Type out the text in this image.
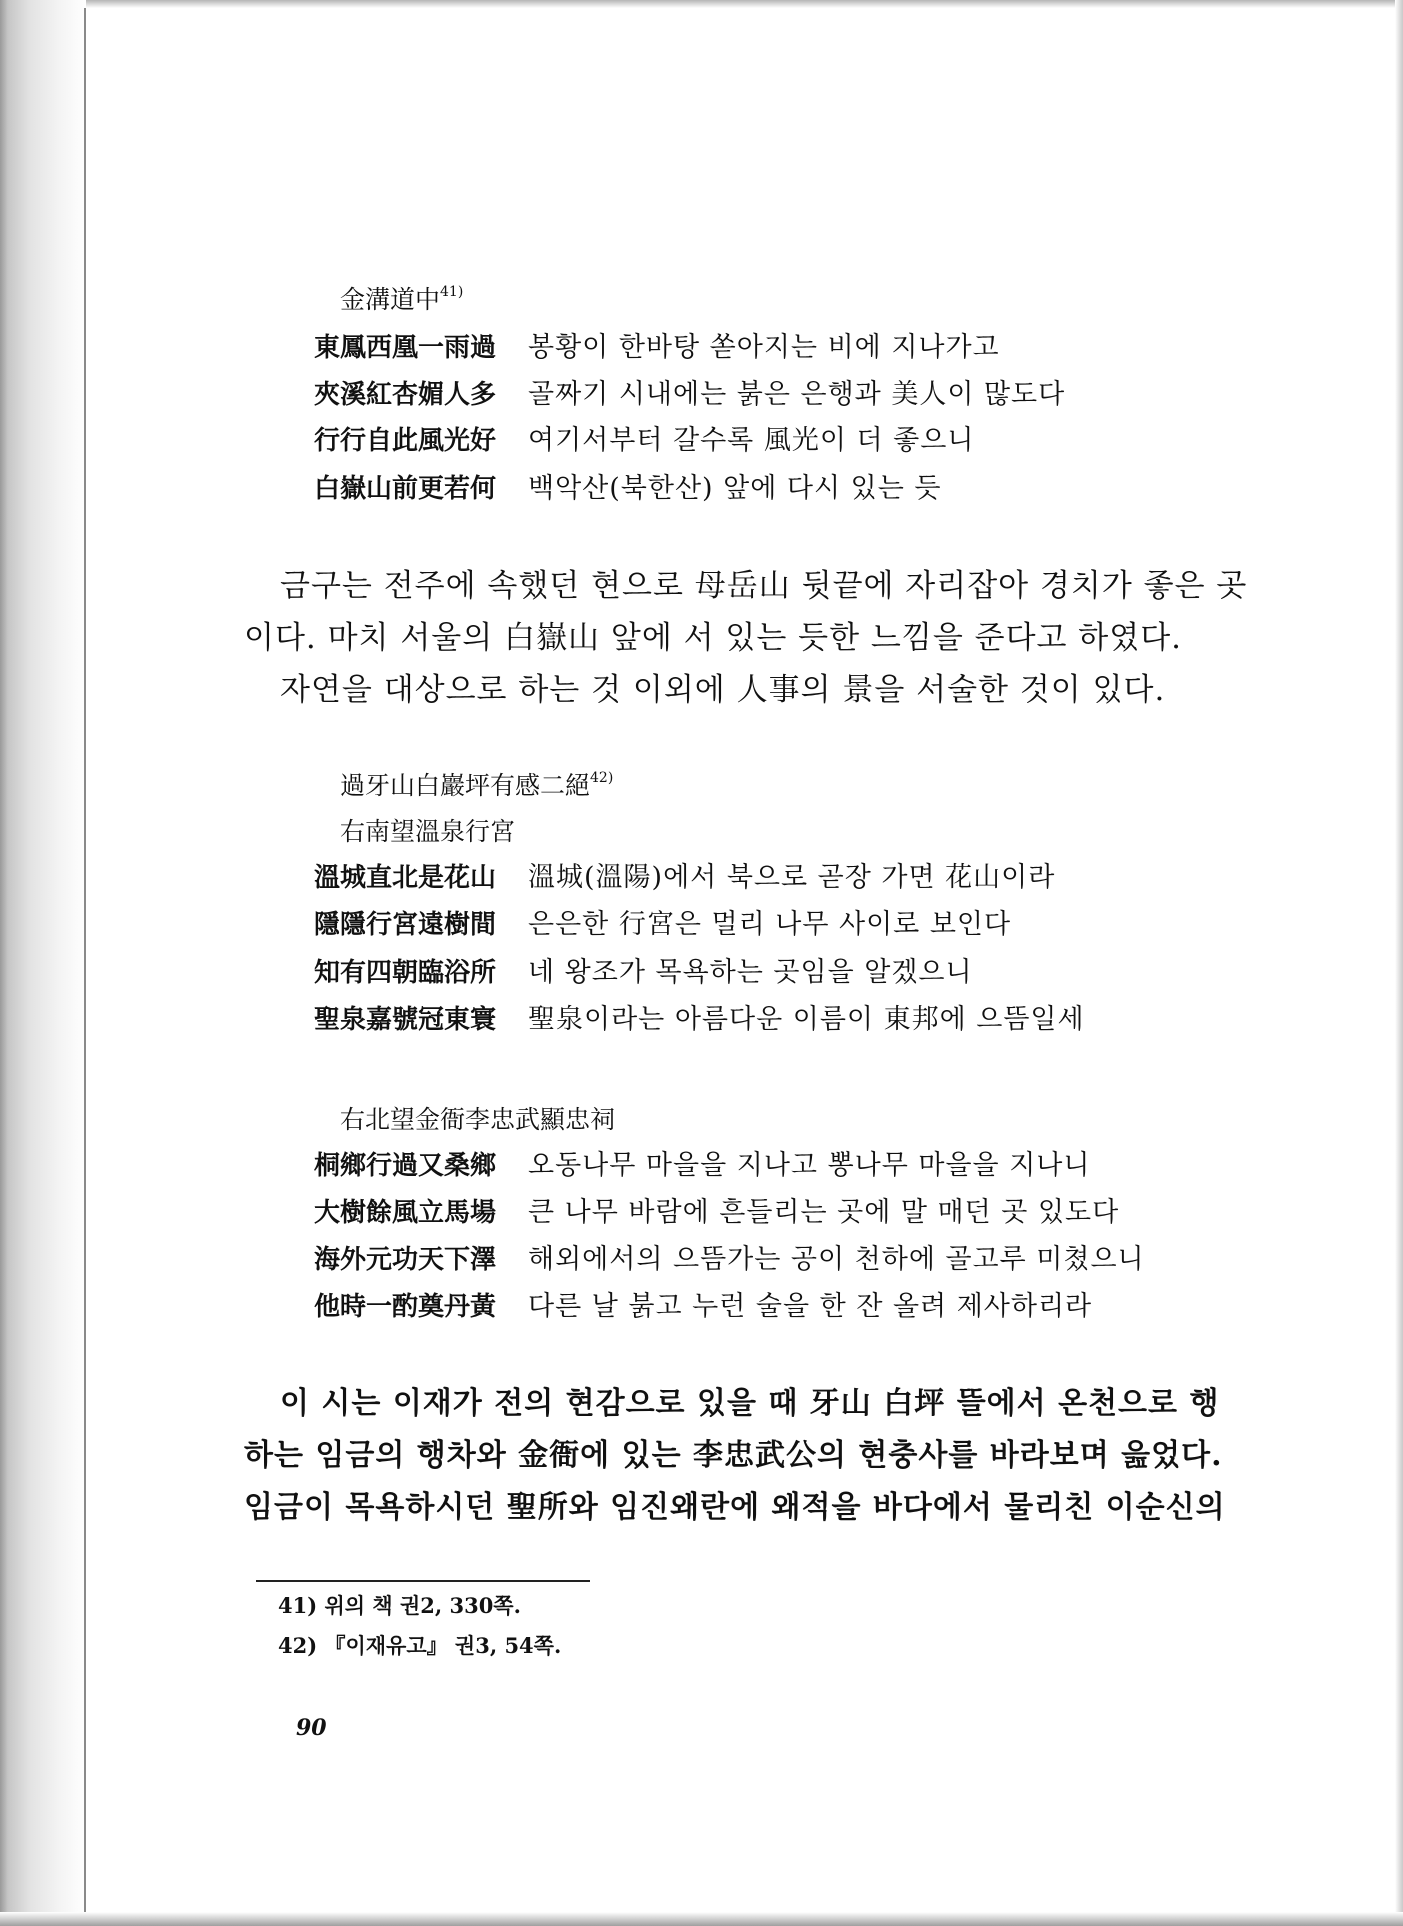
金溝道中$^{41)}$
東鳳西凰一雨過	봉황이 한바탕 쏟아지는 비에 지나가고
夾溪紅杏媚人多	골짜기 시내에는 붉은 은행과 美人이 많도다
行行自此風光好	여기서부터 갈수록 風光이 더 좋으니
白嶽山前更若何	백악산(북한산) 앞에 다시 있는 듯
금구는 전주에 속했던 현으로 母岳山 뒷끝에 자리잡아 경치가 좋은 곳
이다. 마치 서울의 白嶽山 앞에 서 있는 듯한 느낌을 준다고 하였다.
자연을 대상으로 하는 것 이외에 人事의 景을 서술한 것이 있다.
過牙山白巖坪有感二絕$^{42)}$
右南望溫泉行宮
溫城直北是花山	溫城(溫陽)에서 북으로 곧장 가면 花山이라
隱隱行宮遠樹間	은은한 行宮은 멀리 나무 사이로 보인다
知有四朝臨浴所	네 왕조가 목욕하는 곳임을 알겠으니
聖泉嘉號冠東寰	聖泉이라는 아름다운 이름이 東邦에 으뜸일세
右北望金衙李忠武顯忠祠
桐鄉行過又桑鄉	오동나무 마을을 지나고 뽕나무 마을을 지나니
大樹餘風立馬場	큰 나무 바람에 흔들리는 곳에 말 매던 곳 있도다
海外元功天下澤	해외에서의 으뜸가는 공이 천하에 골고루 미쳤으니
他時一酌奠丹黃	다른 날 붉고 누런 술을 한 잔 올려 제사하리라
이 시는 이재가 전의 현감으로 있을 때 牙山 白坪 뜰에서 온천으로 행
하는 임금의 행차와 金衙에 있는 李忠武公의 현충사를 바라보며 읊었다.
임금이 목욕하시던 聖所와 임진왜란에 왜적을 바다에서 물리친 이순신의
41) 위의 책 권2, 330쪽.
42) 『이재유고』 권3, 54쪽.
90
